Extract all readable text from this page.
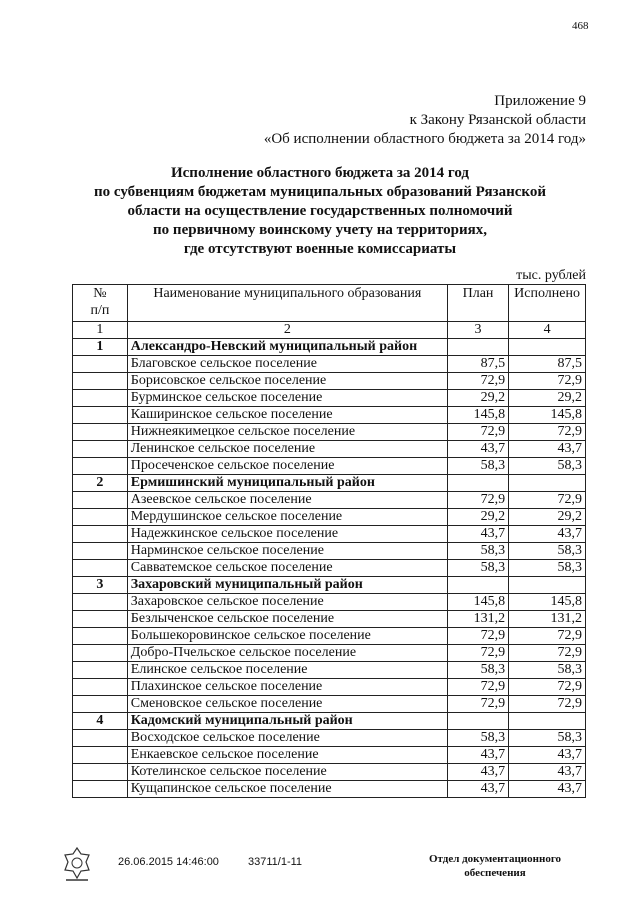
468
Приложение 9
к Закону Рязанской области
«Об исполнении областного бюджета за 2014 год»
Исполнение областного бюджета за 2014 год
по субвенциям бюджетам муниципальных образований Рязанской
области на осуществление государственных полномочий
по первичному воинскому учету на территориях,
где отсутствуют военные комиссариаты
тыс. рублей
№
п/п	Наименование муниципального образования	План	Исполнено
1	2	3	4
1	Александро-Невский муниципальный район		
	Благовское сельское поселение	87,5	87,5
	Борисовское сельское поселение	72,9	72,9
	Бурминское сельское поселение	29,2	29,2
	Каширинское сельское поселение	145,8	145,8
	Нижнеякимецкое сельское поселение	72,9	72,9
	Ленинское сельское поселение	43,7	43,7
	Просеченское сельское поселение	58,3	58,3
2	Ермишинский муниципальный район		
	Азеевское сельское поселение	72,9	72,9
	Мердушинское сельское поселение	29,2	29,2
	Надежкинское сельское поселение	43,7	43,7
	Нарминское сельское поселение	58,3	58,3
	Савватемское сельское поселение	58,3	58,3
3	Захаровский муниципальный район		
	Захаровское сельское поселение	145,8	145,8
	Безлыченское сельское поселение	131,2	131,2
	Большекоровинское сельское поселение	72,9	72,9
	Добро-Пчельское сельское поселение	72,9	72,9
	Елинское сельское поселение	58,3	58,3
	Плахинское сельское поселение	72,9	72,9
	Сменовское сельское поселение	72,9	72,9
4	Кадомский муниципальный район		
	Восходское сельское поселение	58,3	58,3
	Енкаевское сельское поселение	43,7	43,7
	Котелинское сельское поселение	43,7	43,7
	Кущапинское сельское поселение	43,7	43,7
26.06.2015 14:46:00	33711/1-11	Отдел документационного
обеспечения
